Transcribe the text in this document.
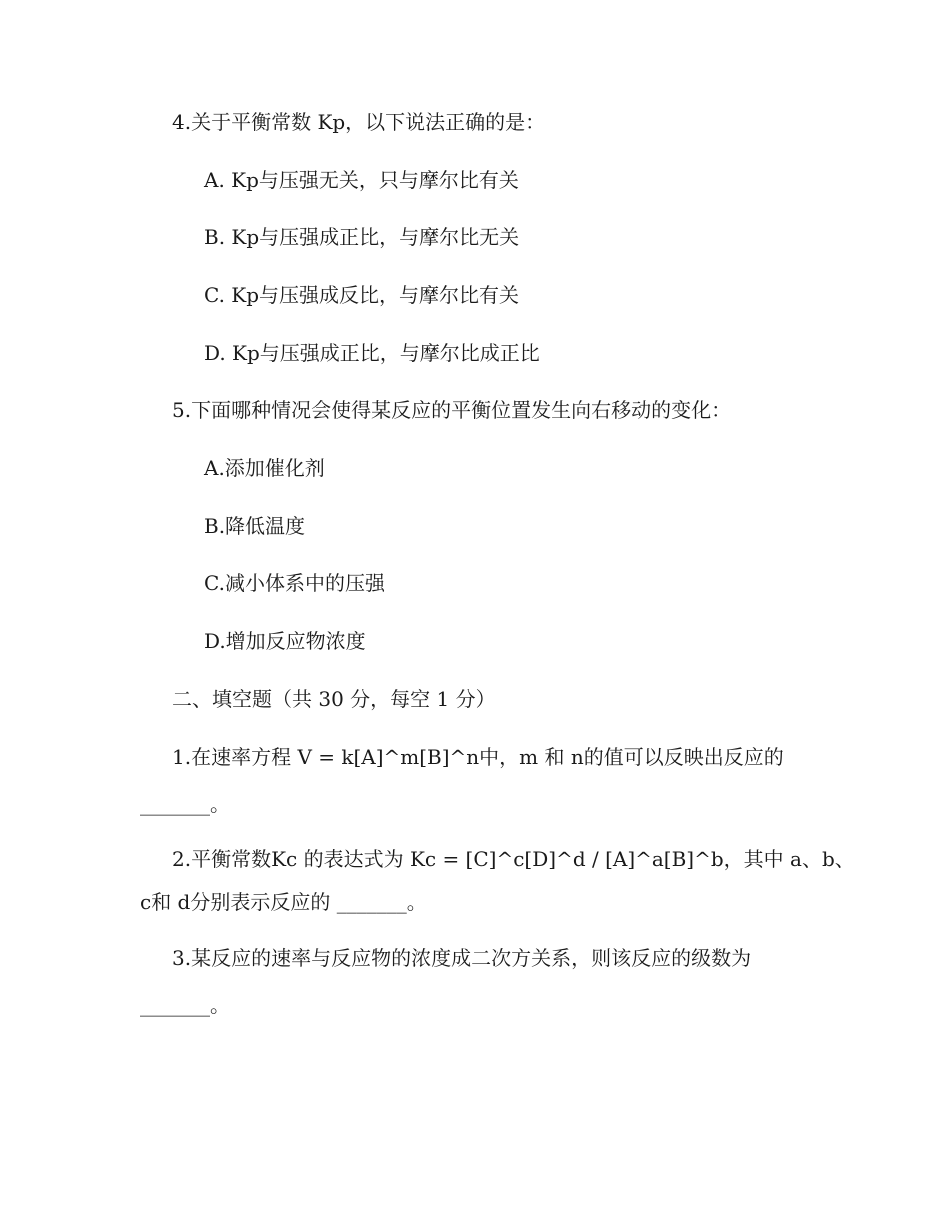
4.关于平衡常数 Kp，以下说法正确的是：
A. Kp与压强无关，只与摩尔比有关
B. Kp与压强成正比，与摩尔比无关
C. Kp与压强成反比，与摩尔比有关
D. Kp与压强成正比，与摩尔比成正比
5.下面哪种情况会使得某反应的平衡位置发生向右移动的变化：
A.添加催化剂
B.降低温度
C.减小体系中的压强
D.增加反应物浓度
二、填空题（共 30 分，每空 1 分）
1.在速率方程 V = k[A]^m[B]^n中，m 和 n的值可以反映出反应的
_______。
2.平衡常数Kc 的表达式为 Kc = [C]^c[D]^d / [A]^a[B]^b，其中 a、b、
c和 d分别表示反应的 _______。
3.某反应的速率与反应物的浓度成二次方关系，则该反应的级数为
_______。
